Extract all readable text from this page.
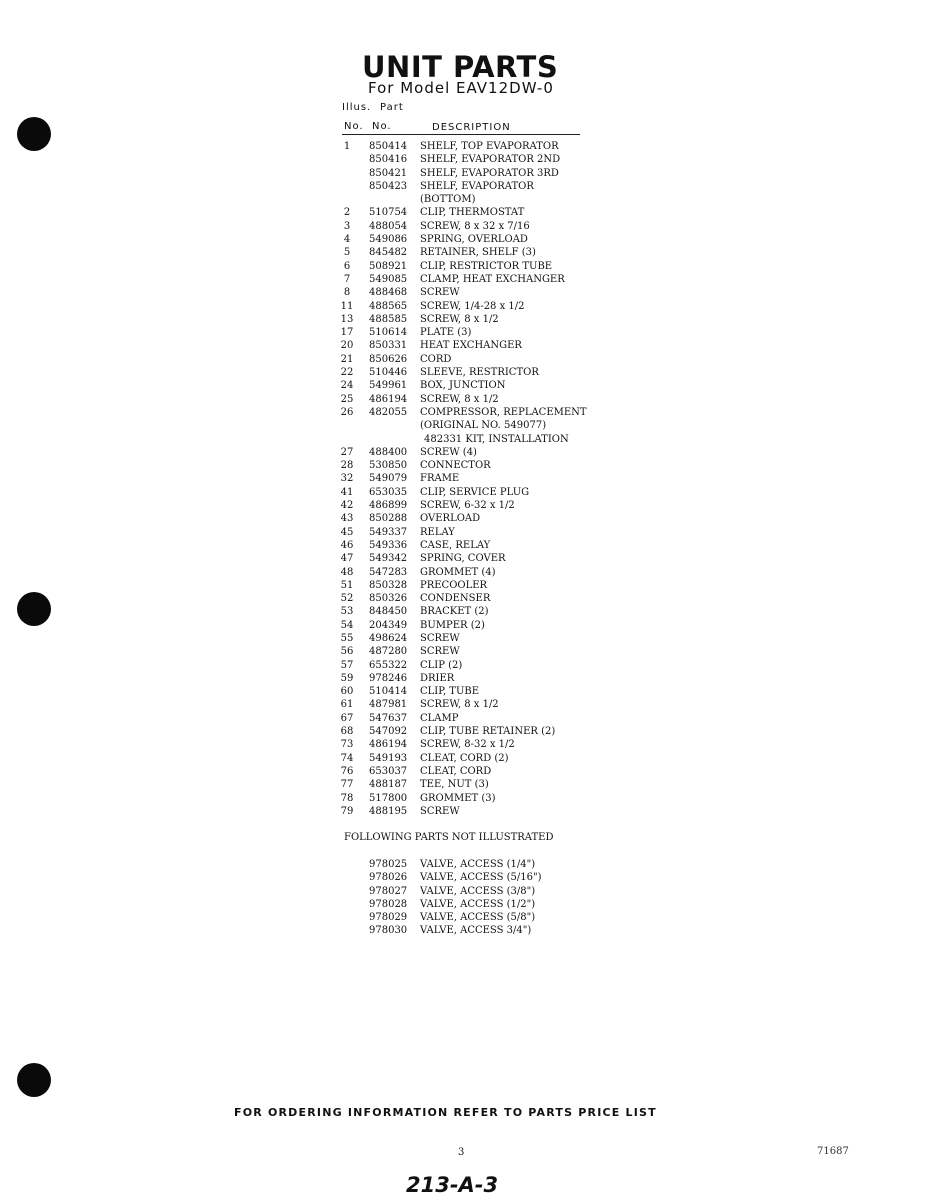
UNIT PARTS
For Model EAV12DW-0
Illus. Part
No. No.	DESCRIPTION
1	850414 SHELF, TOP EVAPORATOR
850416 SHELF, EVAPORATOR 2ND
850421 SHELF, EVAPORATOR 3RD
850423 SHELF, EVAPORATOR
(BOTTOM)
2	510754 CLIP, THERMOSTAT
3	488054 SCREW, 8 x 32 x 7/16
4	549086 SPRING, OVERLOAD
5	845482 RETAINER, SHELF (3)
6	508921 CLIP, RESTRICTOR TUBE
7	549085 CLAMP, HEAT EXCHANGER
8	488468 SCREW
11 488565 SCREW, 1/4-28 x 1/2
13 488585 SCREW, 8 x 1/2
17 510614 PLATE (3)
20 850331 HEAT EXCHANGER
21 850626 CORD
22 510446 SLEEVE, RESTRICTOR
24 549961 BOX, JUNCTION
25 486194 SCREW, 8 x 1/2
26 482055 COMPRESSOR, REPLACEMENT
(ORIGINAL NO. 549077)
482331 KIT, INSTALLATION
27 488400 SCREW (4)
28 530850 CONNECTOR
32 549079 FRAME
41 653035 CLIP, SERVICE PLUG
42 486899 SCREW, 6-32 x 1/2
43 850288 OVERLOAD
45 549337 RELAY
46 549336 CASE, RELAY
47 549342 SPRING, COVER
48 547283 GROMMET (4)
51 850328 PRECOOLER
52 850326 CONDENSER
53 848450 BRACKET (2)
54 204349 BUMPER (2)
55 498624 SCREW
56 487280 SCREW
57 655322 CLIP (2)
59 978246 DRIER
60 510414 CLIP, TUBE
61 487981 SCREW, 8 x 1/2
67 547637 CLAMP
68 547092 CLIP, TUBE RETAINER (2)
73 486194 SCREW, 8-32 x 1/2
74 549193 CLEAT, CORD (2)
76 653037 CLEAT, CORD
77 488187 TEE, NUT (3)
78 517800 GROMMET (3)
79 488195 SCREW
FOLLOWING PARTS NOT ILLUSTRATED
978025 VALVE, ACCESS (1/4")
978026 VALVE, ACCESS (5/16")
978027 VALVE, ACCESS (3/8")
978028 VALVE, ACCESS (1/2")
978029 VALVE, ACCESS (5/8")
978030 VALVE, ACCESS 3/4")
FOR ORDERING INFORMATION REFER TO PARTS PRICE LIST
3	71687
213-A-3
